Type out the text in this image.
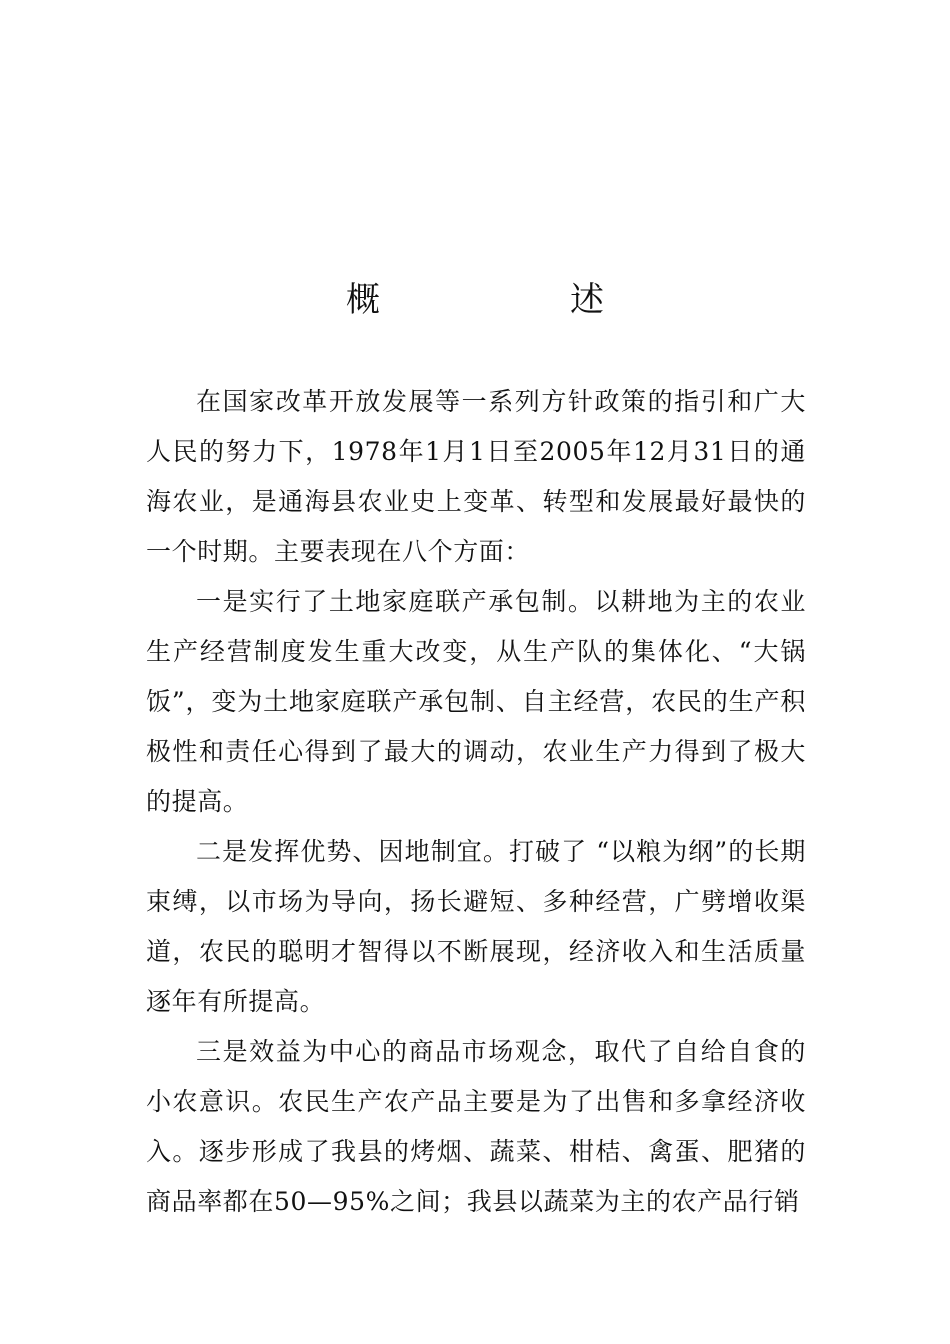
概　述

在国家改革开放发展等一系列方针政策的指引和广大人民的努力下，1978年1月1日至2005年12月31日的通海农业，是通海县农业史上变革、转型和发展最好最快的一个时期。主要表现在八个方面：

一是实行了土地家庭联产承包制。以耕地为主的农业生产经营制度发生重大改变，从生产队的集体化、“大锅饭”，变为土地家庭联产承包制、自主经营，农民的生产积极性和责任心得到了最大的调动，农业生产力得到了极大的提高。

二是发挥优势、因地制宜。打破了 “以粮为纲”的长期束缚，以市场为导向，扬长避短、多种经营，广劈增收渠道，农民的聪明才智得以不断展现，经济收入和生活质量逐年有所提高。

三是效益为中心的商品市场观念，取代了自给自食的小农意识。农民生产农产品主要是为了出售和多拿经济收入。逐步形成了我县的烤烟、蔬菜、柑桔、禽蛋、肥猪的商品率都在50—95%之间；我县以蔬菜为主的农产品行销
